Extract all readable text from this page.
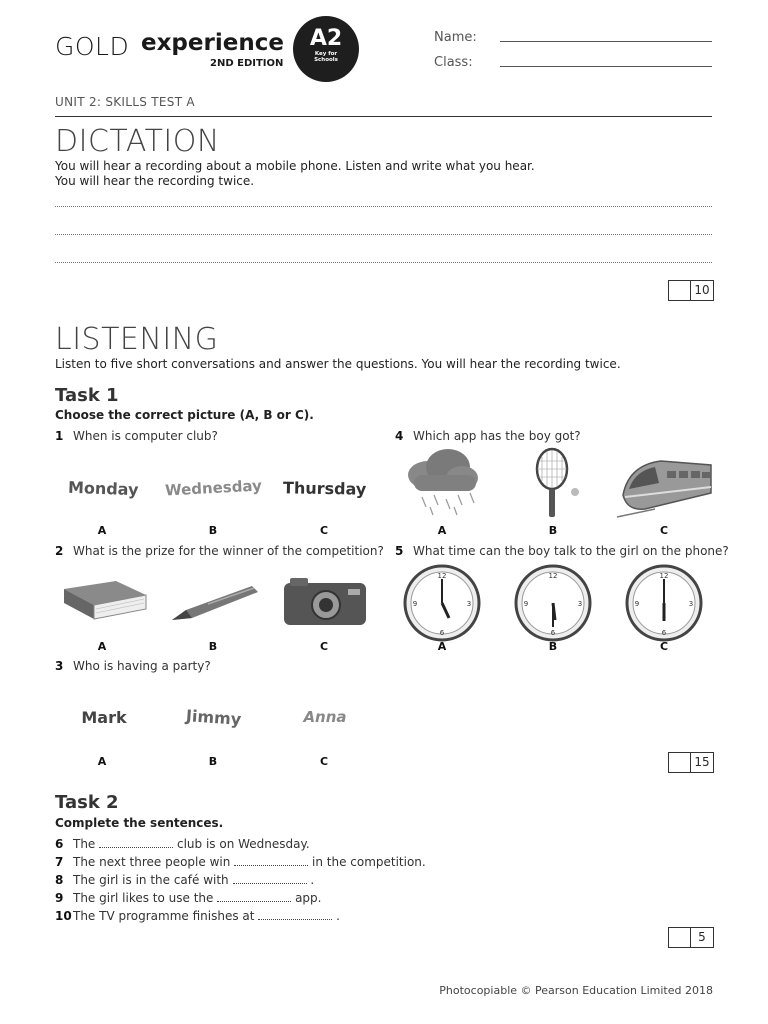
GOLD experience
2ND EDITION
A2
Key for
Schools
Name:
Class:
UNIT 2: SKILLS TEST A
DICTATION
You will hear a recording about a mobile phone. Listen and write what you hear.
You will hear the recording twice.
10
LISTENING
Listen to five short conversations and answer the questions. You will hear the recording twice.
Task 1
Choose the correct picture (A, B or C).
1 When is computer club?
Monday Wednesday Thursday
A	B	C
4 Which app has the boy got?
A	B	C
2 What is the prize for the winner of the competition?
A	B	C
5 What time can the boy talk to the girl on the phone?
12
3
6
9
12
3
6
9
12
3
6
9
A	B	C
3 Who is having a party?
Mark	Jimmy	Anna
A	B	C	15
Task 2
Complete the sentences.
6 The	club is on Wednesday.
7 The next three people win	in the competition.
8 The girl is in the café with	.
9 The girl likes to use the	app.
10The TV programme finishes at	.
5
Photocopiable © Pearson Education Limited 2018
